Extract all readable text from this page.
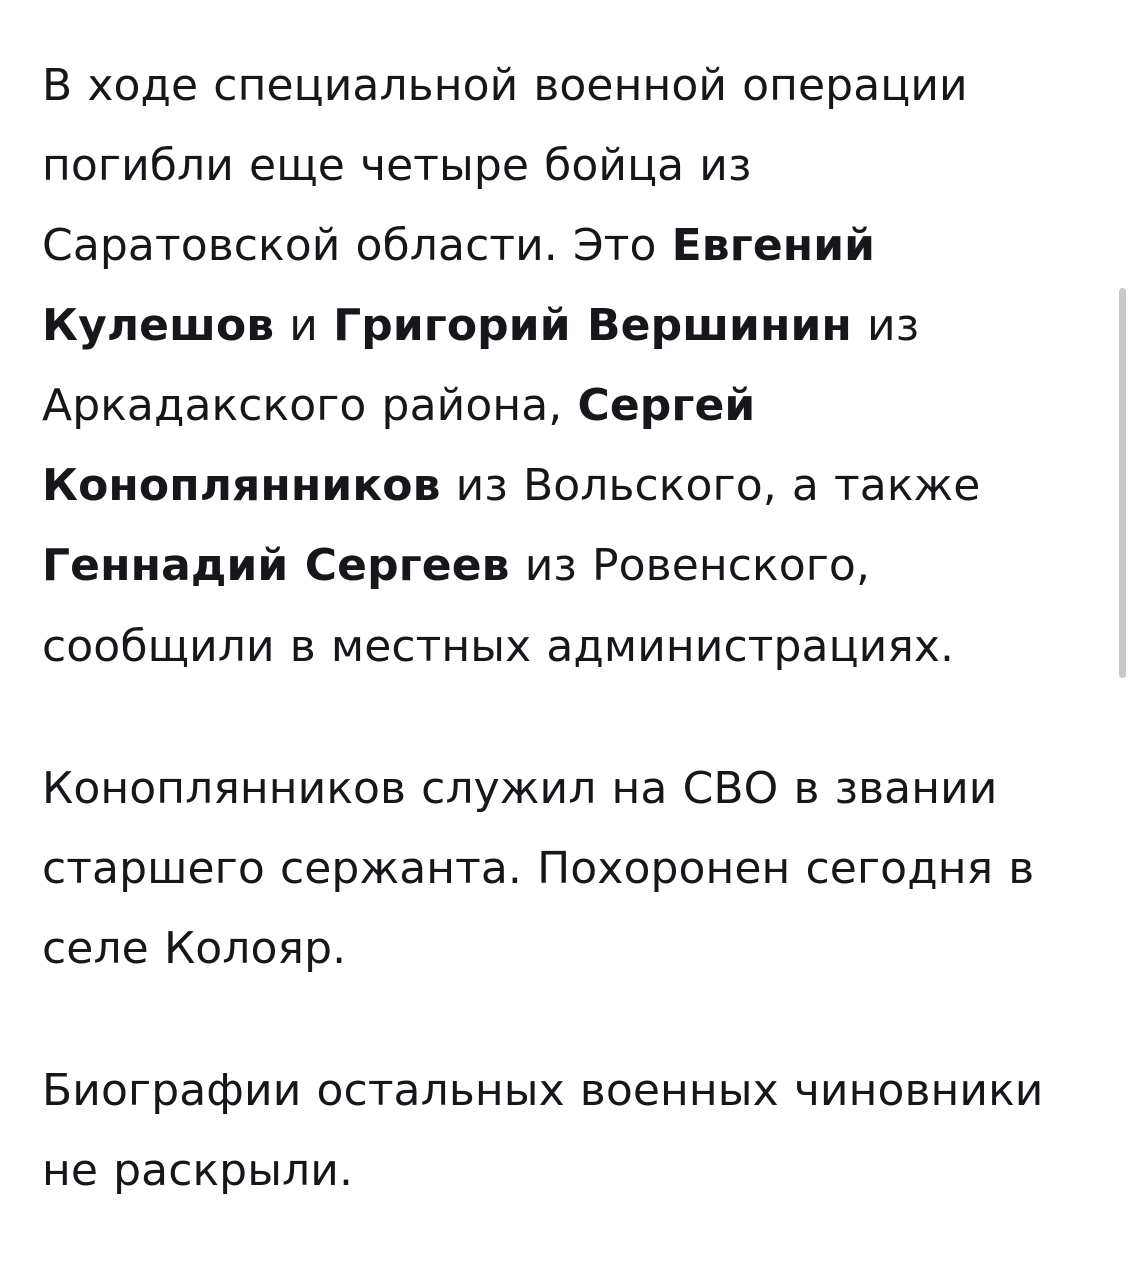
В ходе специальной военной операции погибли еще четыре бойца из Саратовской области. Это Евгений Кулешов и Григорий Вершинин из Аркадакского района, Сергей Коноплянников из Вольского, а также Геннадий Сергеев из Ровенского, сообщили в местных администрациях.

Коноплянников служил на СВО в звании старшего сержанта. Похоронен сегодня в селе Колояр.

Биографии остальных военных чиновники не раскрыли.
